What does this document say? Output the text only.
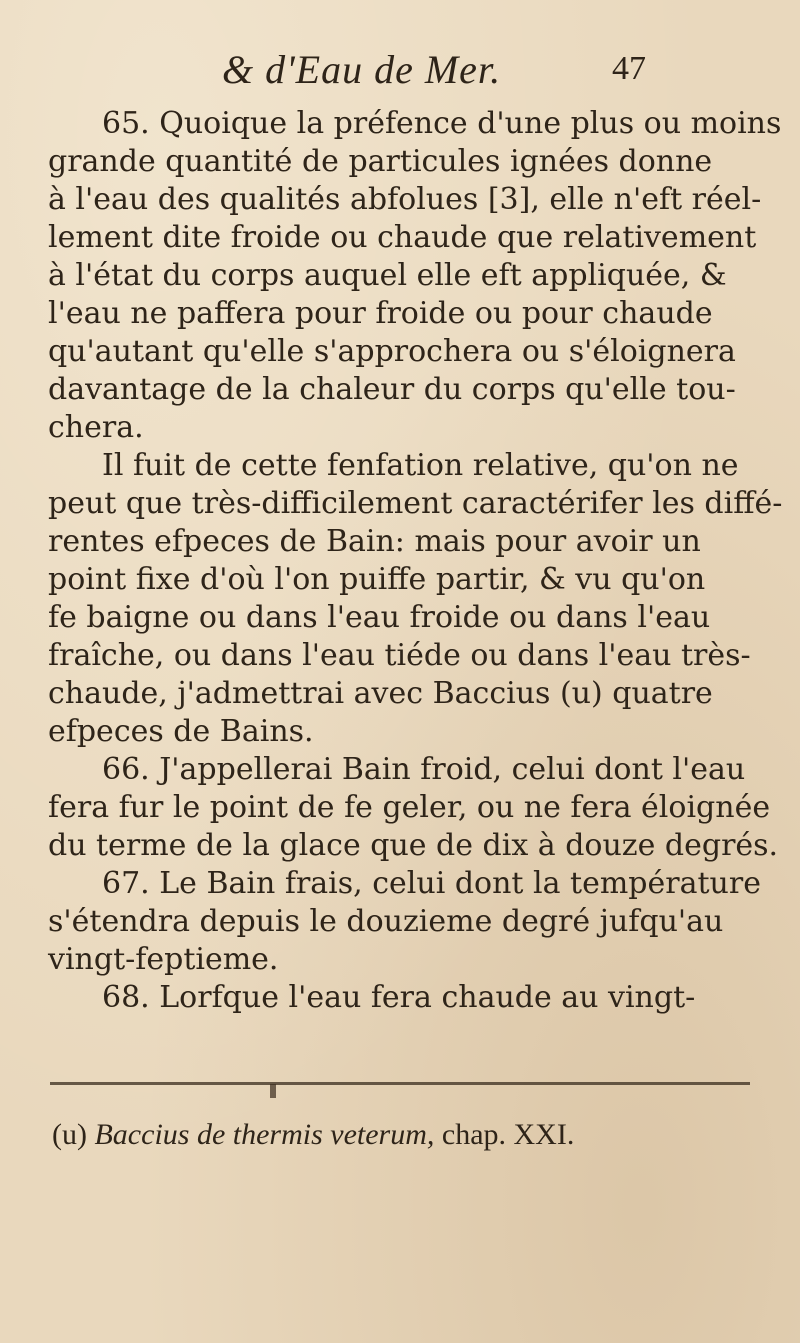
& d'Eau de Mer.	47
65. Quoique la préfence d'une plus ou moins
grande quantité de particules ignées donne
à l'eau des qualités abfolues [3], elle n'eft réel-
lement dite froide ou chaude que relativement
à l'état du corps auquel elle eft appliquée, &
l'eau ne paffera pour froide ou pour chaude
qu'autant qu'elle s'approchera ou s'éloignera
davantage de la chaleur du corps qu'elle tou-
chera.
Il fuit de cette fenfation relative, qu'on ne
peut que très-difficilement caractérifer les diffé-
rentes efpeces de Bain: mais pour avoir un
point fixe d'où l'on puiffe partir, & vu qu'on
fe baigne ou dans l'eau froide ou dans l'eau
fraîche, ou dans l'eau tiéde ou dans l'eau très-
chaude, j'admettrai avec Baccius (u) quatre
efpeces de Bains.
66. J'appellerai Bain froid, celui dont l'eau
fera fur le point de fe geler, ou ne fera éloignée
du terme de la glace que de dix à douze degrés.
67. Le Bain frais, celui dont la température
s'étendra depuis le douzieme degré jufqu'au
vingt-feptieme.
68. Lorfque l'eau fera chaude au vingt-
(u) Baccius de thermis veterum, chap. XXI.
